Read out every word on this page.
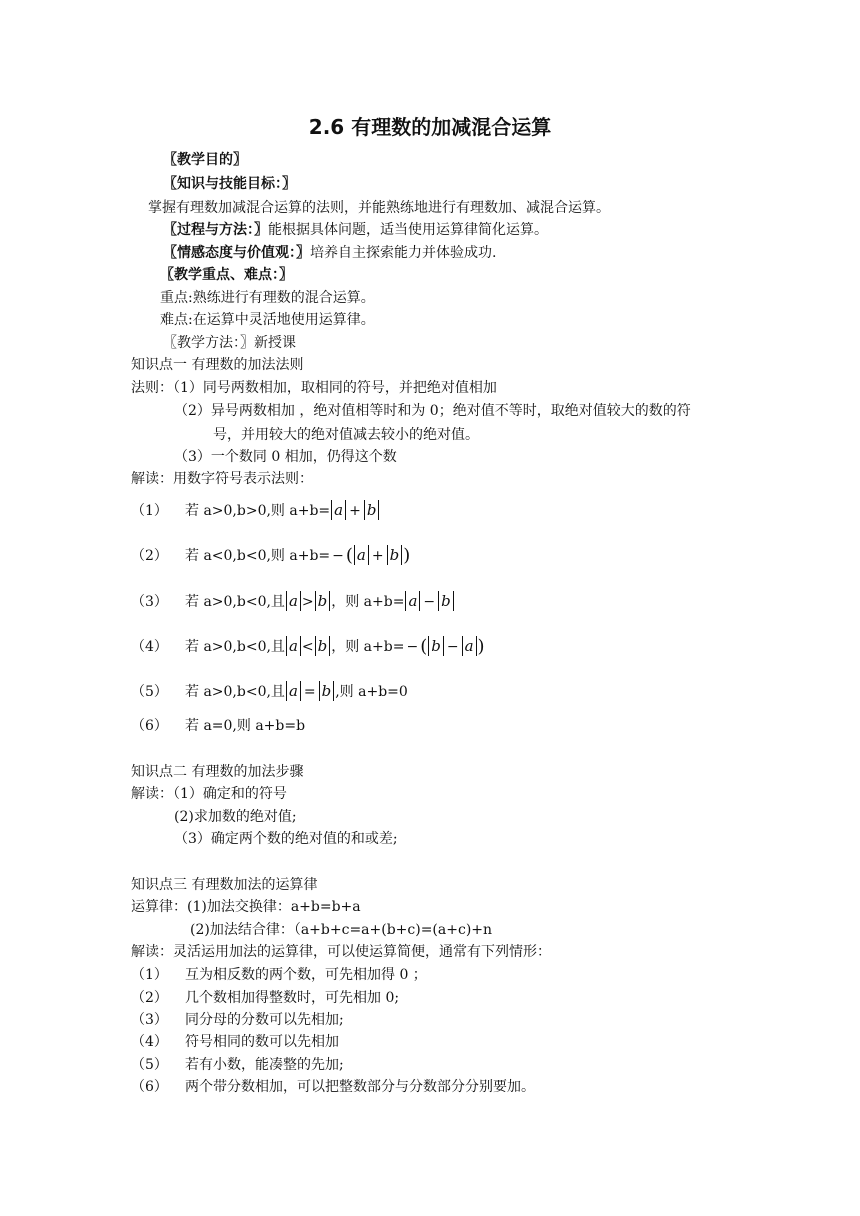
2.6 有理数的加减混合运算
〖教学目的〗
〖知识与技能目标：〗
掌握有理数加减混合运算的法则，并能熟练地进行有理数加、减混合运算。
〖过程与方法：〗能根据具体问题，适当使用运算律简化运算。
〖情感态度与价值观：〗培养自主探索能力并体验成功.
〖教学重点、难点：〗
重点:熟练进行有理数的混合运算。
难点:在运算中灵活地使用运算律。
〖教学方法：〗新授课
知识点一 有理数的加法法则
法则：（1）同号两数相加，取相同的符号，并把绝对值相加
（2）异号两数相加 ，绝对值相等时和为 0；绝对值不等时，取绝对值较大的数的符
号，并用较大的绝对值减去较小的绝对值。
（3）一个数同 0 相加，仍得这个数
解读：用数字符号表示法则：
（1） 若 a>0,b>0,则 a+b= a + b
（2） 若 a<0,b<0,则 a+b= − ( a + b )
（3） 若 a>0,b<0,且 a > b ，则 a+b= a − b
（4） 若 a>0,b<0,且 a < b ，则 a+b= − ( b − a )
（5） 若 a>0,b<0,且 a = b ,则 a+b=0
（6） 若 a=0,则 a+b=b
知识点二 有理数的加法步骤
解读：（1）确定和的符号
(2)求加数的绝对值;
（3）确定两个数的绝对值的和或差;
知识点三 有理数加法的运算律
运算律：(1)加法交换律：a+b=b+a
(2)加法结合律：（a+b+c=a+(b+c)=(a+c)+n
解读：灵活运用加法的运算律，可以使运算简便，通常有下列情形：
（1） 互为相反数的两个数，可先相加得 0 ；
（2） 几个数相加得整数时，可先相加 0;
（3） 同分母的分数可以先相加;
（4） 符号相同的数可以先相加
（5） 若有小数，能凑整的先加;
（6） 两个带分数相加，可以把整数部分与分数部分分别要加。
